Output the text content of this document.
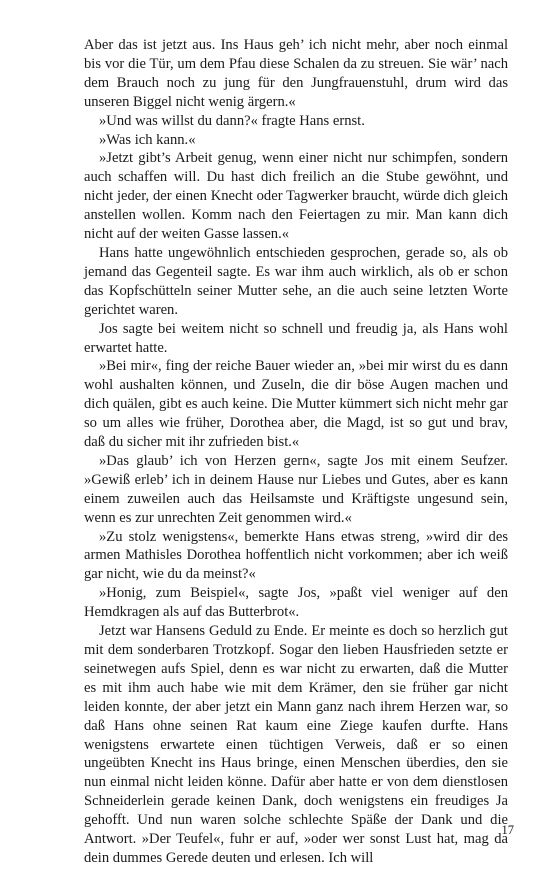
Aber das ist jetzt aus. Ins Haus geh’ ich nicht mehr, aber noch einmal bis vor die Tür, um dem Pfau diese Schalen da zu streuen. Sie wär’ nach dem Brauch noch zu jung für den Jungfrauenstuhl, drum wird das unseren Biggel nicht wenig ärgern.«

»Und was willst du dann?« fragte Hans ernst.

»Was ich kann.«

»Jetzt gibt’s Arbeit genug, wenn einer nicht nur schimpfen, sondern auch schaffen will. Du hast dich freilich an die Stube gewöhnt, und nicht jeder, der einen Knecht oder Tagwerker braucht, würde dich gleich anstellen wollen. Komm nach den Feiertagen zu mir. Man kann dich nicht auf der weiten Gasse lassen.«

Hans hatte ungewöhnlich entschieden gesprochen, gerade so, als ob jemand das Gegenteil sagte. Es war ihm auch wirklich, als ob er schon das Kopfschütteln seiner Mutter sehe, an die auch seine letzten Worte gerichtet waren.

Jos sagte bei weitem nicht so schnell und freudig ja, als Hans wohl erwartet hatte.

»Bei mir«, fing der reiche Bauer wieder an, »bei mir wirst du es dann wohl aushalten können, und Zuseln, die dir böse Augen machen und dich quälen, gibt es auch keine. Die Mutter kümmert sich nicht mehr gar so um alles wie früher, Dorothea aber, die Magd, ist so gut und brav, daß du sicher mit ihr zufrieden bist.«

»Das glaub’ ich von Herzen gern«, sagte Jos mit einem Seufzer. »Gewiß erleb’ ich in deinem Hause nur Liebes und Gutes, aber es kann einem zuweilen auch das Heilsamste und Kräftigste ungesund sein, wenn es zur unrechten Zeit genommen wird.«

»Zu stolz wenigstens«, bemerkte Hans etwas streng, »wird dir des armen Mathisles Dorothea hoffentlich nicht vorkommen; aber ich weiß gar nicht, wie du da meinst?«

»Honig, zum Beispiel«, sagte Jos, »paßt viel weniger auf den Hemdkragen als auf das Butterbrot«.

Jetzt war Hansens Geduld zu Ende. Er meinte es doch so herzlich gut mit dem sonderbaren Trotzkopf. Sogar den lieben Hausfrieden setzte er seinetwegen aufs Spiel, denn es war nicht zu erwarten, daß die Mutter es mit ihm auch habe wie mit dem Krämer, den sie früher gar nicht leiden konnte, der aber jetzt ein Mann ganz nach ihrem Herzen war, so daß Hans ohne seinen Rat kaum eine Ziege kaufen durfte. Hans wenigstens erwartete einen tüchtigen Verweis, daß er so einen ungeübten Knecht ins Haus bringe, einen Menschen überdies, den sie nun einmal nicht leiden könne. Dafür aber hatte er von dem dienstlosen Schneiderlein gerade keinen Dank, doch wenigstens ein freudiges Ja gehofft. Und nun waren solche schlechte Späße der Dank und die Antwort. »Der Teufel«, fuhr er auf, »oder wer sonst Lust hat, mag da dein dummes Gerede deuten und erlesen. Ich will

17
